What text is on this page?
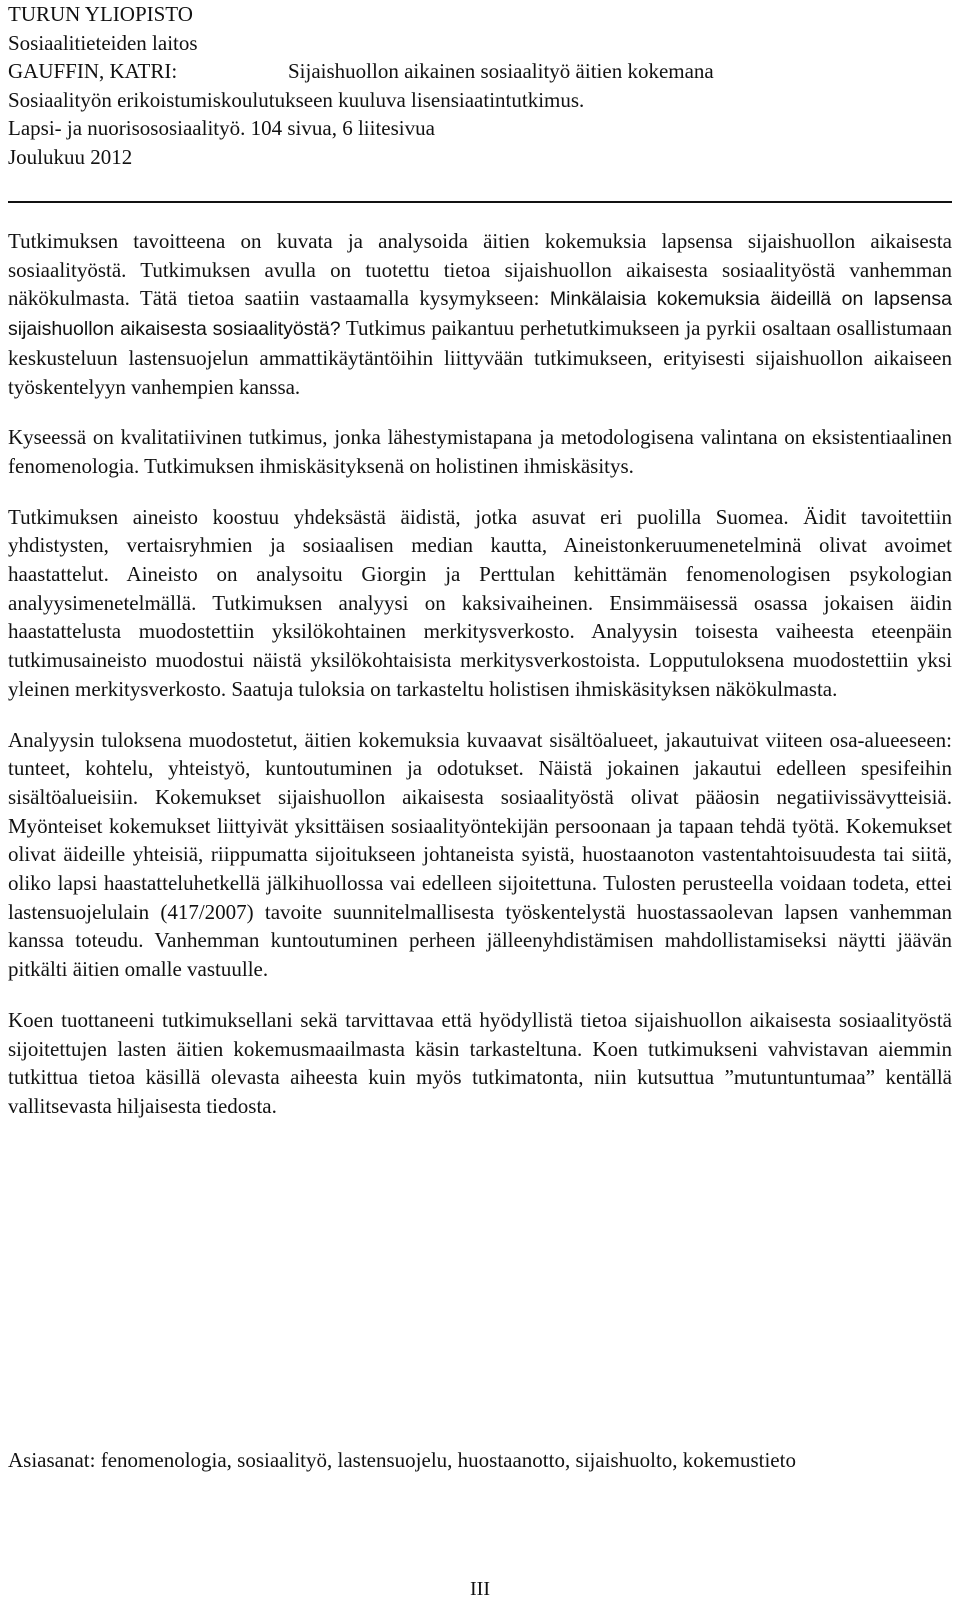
TURUN YLIOPISTO
Sosiaalitieteiden laitos
GAUFFIN, KATRI:	Sijaishuollon aikainen sosiaalityö äitien kokemana
Sosiaalityön erikoistumiskoulutukseen kuuluva lisensiaatintutkimus.
Lapsi- ja nuorisososiaalityö. 104 sivua, 6 liitesivua
Joulukuu 2012

Tutkimuksen tavoitteena on kuvata ja analysoida äitien kokemuksia lapsensa sijaishuollon aikaisesta sosiaalityöstä. Tutkimuksen avulla on tuotettu tietoa sijaishuollon aikaisesta sosiaalityöstä vanhemman näkökulmasta. Tätä tietoa saatiin vastaamalla kysymykseen: Minkälaisia kokemuksia äideillä on lapsensa sijaishuollon aikaisesta sosiaalityöstä? Tutkimus paikantuu perhetutkimukseen ja pyrkii osaltaan osallistumaan keskusteluun lastensuojelun ammattikäytäntöihin liittyvään tutkimukseen, erityisesti sijaishuollon aikaiseen työskentelyyn vanhempien kanssa.

Kyseessä on kvalitatiivinen tutkimus, jonka lähestymistapana ja metodologisena valintana on eksistentiaalinen fenomenologia. Tutkimuksen ihmiskäsityksenä on holistinen ihmiskäsitys.

Tutkimuksen aineisto koostuu yhdeksästä äidistä, jotka asuvat eri puolilla Suomea. Äidit tavoitettiin yhdistysten, vertaisryhmien ja sosiaalisen median kautta, Aineistonkeruumenetelminä olivat avoimet haastattelut. Aineisto on analysoitu Giorgin ja Perttulan kehittämän fenomenologisen psykologian analyysimenetelmällä. Tutkimuksen analyysi on kaksivaiheinen. Ensimmäisessä osassa jokaisen äidin haastattelusta muodostettiin yksilökohtainen merkitysverkosto. Analyysin toisesta vaiheesta eteenpäin tutkimusaineisto muodostui näistä yksilökohtaisista merkitysverkostoista. Lopputuloksena muodostettiin yksi yleinen merkitysverkosto. Saatuja tuloksia on tarkasteltu holistisen ihmiskäsityksen näkökulmasta.

Analyysin tuloksena muodostetut, äitien kokemuksia kuvaavat sisältöalueet, jakautuivat viiteen osa-alueeseen: tunteet, kohtelu, yhteistyö, kuntoutuminen ja odotukset. Näistä jokainen jakautui edelleen spesifeihin sisältöalueisiin. Kokemukset sijaishuollon aikaisesta sosiaalityöstä olivat pääosin negatiivissävytteisiä. Myönteiset kokemukset liittyivät yksittäisen sosiaalityöntekijän persoonaan ja tapaan tehdä työtä. Kokemukset olivat äideille yhteisiä, riippumatta sijoitukseen johtaneista syistä, huostaanoton vastentahtoisuudesta tai siitä, oliko lapsi haastatteluhetkellä jälkihuollossa vai edelleen sijoitettuna. Tulosten perusteella voidaan todeta, ettei lastensuojelulain (417/2007) tavoite suunnitelmallisesta työskentelystä huostassaolevan lapsen vanhemman kanssa toteudu. Vanhemman kuntoutuminen perheen jälleenyhdistämisen mahdollistamiseksi näytti jäävän pitkälti äitien omalle vastuulle.

Koen tuottaneeni tutkimuksellani sekä tarvittavaa että hyödyllistä tietoa sijaishuollon aikaisesta sosiaalityöstä sijoitettujen lasten äitien kokemusmaailmasta käsin tarkasteltuna. Koen tutkimukseni vahvistavan aiemmin tutkittua tietoa käsillä olevasta aiheesta kuin myös tutkimatonta, niin kutsuttua ”mutuntuntumaa” kentällä vallitsevasta hiljaisesta tiedosta.

Asiasanat: fenomenologia, sosiaalityö, lastensuojelu, huostaanotto, sijaishuolto, kokemustieto
III
